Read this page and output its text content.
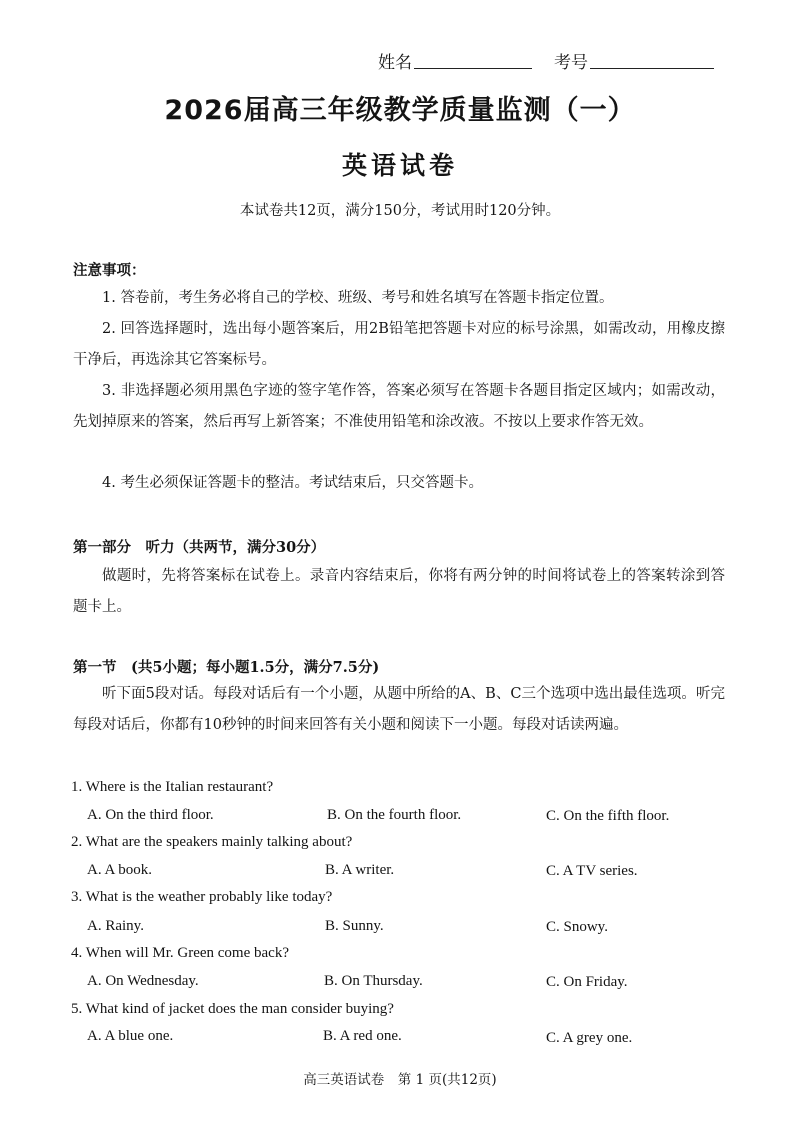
姓名	考号
2026届高三年级教学质量监测（一）
英语试卷
本试卷共12页，满分150分，考试用时120分钟。
注意事项：
1. 答卷前，考生务必将自己的学校、班级、考号和姓名填写在答题卡指定位置。
2. 回答选择题时，选出每小题答案后，用2B铅笔把答题卡对应的标号涂黑，如需改动，用橡皮擦干净后，再选涂其它答案标号。
3. 非选择题必须用黑色字迹的签字笔作答，答案必须写在答题卡各题目指定区域内；如需改动，先划掉原来的答案，然后再写上新答案；不准使用铅笔和涂改液。不按以上要求作答无效。
4. 考生必须保证答题卡的整洁。考试结束后，只交答题卡。
第一部分　听力（共两节，满分30分）
做题时，先将答案标在试卷上。录音内容结束后，你将有两分钟的时间将试卷上的答案转涂到答题卡上。
第一节　(共5小题；每小题1.5分，满分7.5分)
听下面5段对话。每段对话后有一个小题，从题中所给的A、B、C三个选项中选出最佳选项。听完每段对话后，你都有10秒钟的时间来回答有关小题和阅读下一小题。每段对话读两遍。
1. Where is the Italian restaurant?
A. On the third floor.	B. On the fourth floor.	C. On the fifth floor.
2. What are the speakers mainly talking about?
A. A book.	B. A writer.	C. A TV series.
3. What is the weather probably like today?
A. Rainy.	B. Sunny.	C. Snowy.
4. When will Mr. Green come back?
A. On Wednesday.	B. On Thursday.	C. On Friday.
5. What kind of jacket does the man consider buying?
A. A blue one.	B. A red one.	C. A grey one.
高三英语试卷　第 1 页(共12页)
